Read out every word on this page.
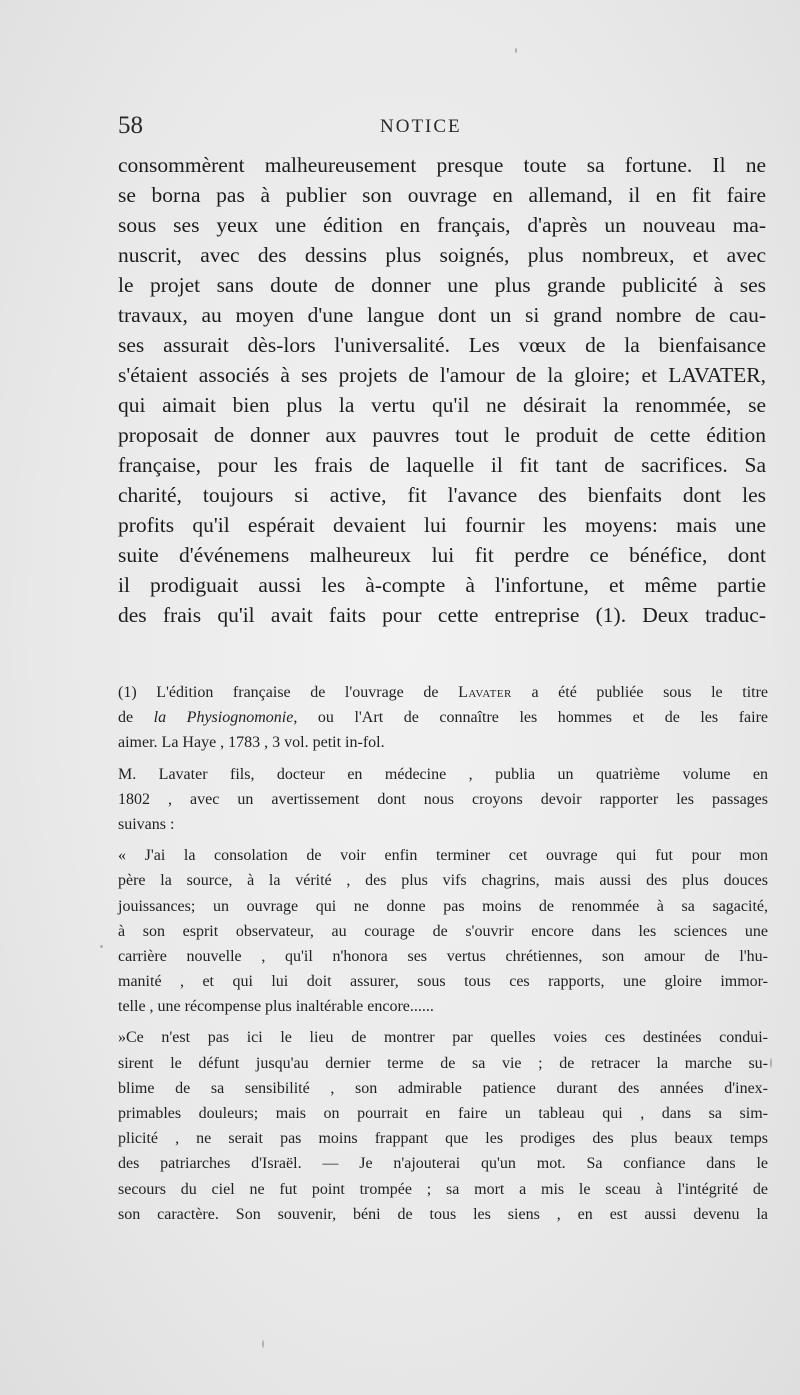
58	NOTICE
consommèrent malheureusement presque toute sa fortune. Il ne
se borna pas à publier son ouvrage en allemand, il en fit faire
sous ses yeux une édition en français, d'après un nouveau ma-
nuscrit, avec des dessins plus soignés, plus nombreux, et avec
le projet sans doute de donner une plus grande publicité à ses
travaux, au moyen d'une langue dont un si grand nombre de cau-
ses assurait dès-lors l'universalité. Les vœux de la bienfaisance
s'étaient associés à ses projets de l'amour de la gloire; et LAVATER,
qui aimait bien plus la vertu qu'il ne désirait la renommée, se
proposait de donner aux pauvres tout le produit de cette édition
française, pour les frais de laquelle il fit tant de sacrifices. Sa
charité, toujours si active, fit l'avance des bienfaits dont les
profits qu'il espérait devaient lui fournir les moyens: mais une
suite d'événemens malheureux lui fit perdre ce bénéfice, dont
il prodiguait aussi les à-compte à l'infortune, et même partie
des frais qu'il avait faits pour cette entreprise (1). Deux traduc-
(1) L'édition française de l'ouvrage de Lavater a été publiée sous le titre
de la Physiognomonie, ou l'Art de connaître les hommes et de les faire
aimer. La Haye , 1783 , 3 vol. petit in-fol.
M. Lavater fils, docteur en médecine , publia un quatrième volume en
1802 , avec un avertissement dont nous croyons devoir rapporter les passages
suivans :
« J'ai la consolation de voir enfin terminer cet ouvrage qui fut pour mon
père la source, à la vérité , des plus vifs chagrins, mais aussi des plus douces
jouissances; un ouvrage qui ne donne pas moins de renommée à sa sagacité,
à son esprit observateur, au courage de s'ouvrir encore dans les sciences une
carrière nouvelle , qu'il n'honora ses vertus chrétiennes, son amour de l'hu-
manité , et qui lui doit assurer, sous tous ces rapports, une gloire immor-
telle , une récompense plus inaltérable encore......
»Ce n'est pas ici le lieu de montrer par quelles voies ces destinées condui-
sirent le défunt jusqu'au dernier terme de sa vie ; de retracer la marche su-
blime de sa sensibilité , son admirable patience durant des années d'inex-
primables douleurs; mais on pourrait en faire un tableau qui , dans sa sim-
plicité , ne serait pas moins frappant que les prodiges des plus beaux temps
des patriarches d'Israël. — Je n'ajouterai qu'un mot. Sa confiance dans le
secours du ciel ne fut point trompée ; sa mort a mis le sceau à l'intégrité de
son caractère. Son souvenir, béni de tous les siens , en est aussi devenu la
